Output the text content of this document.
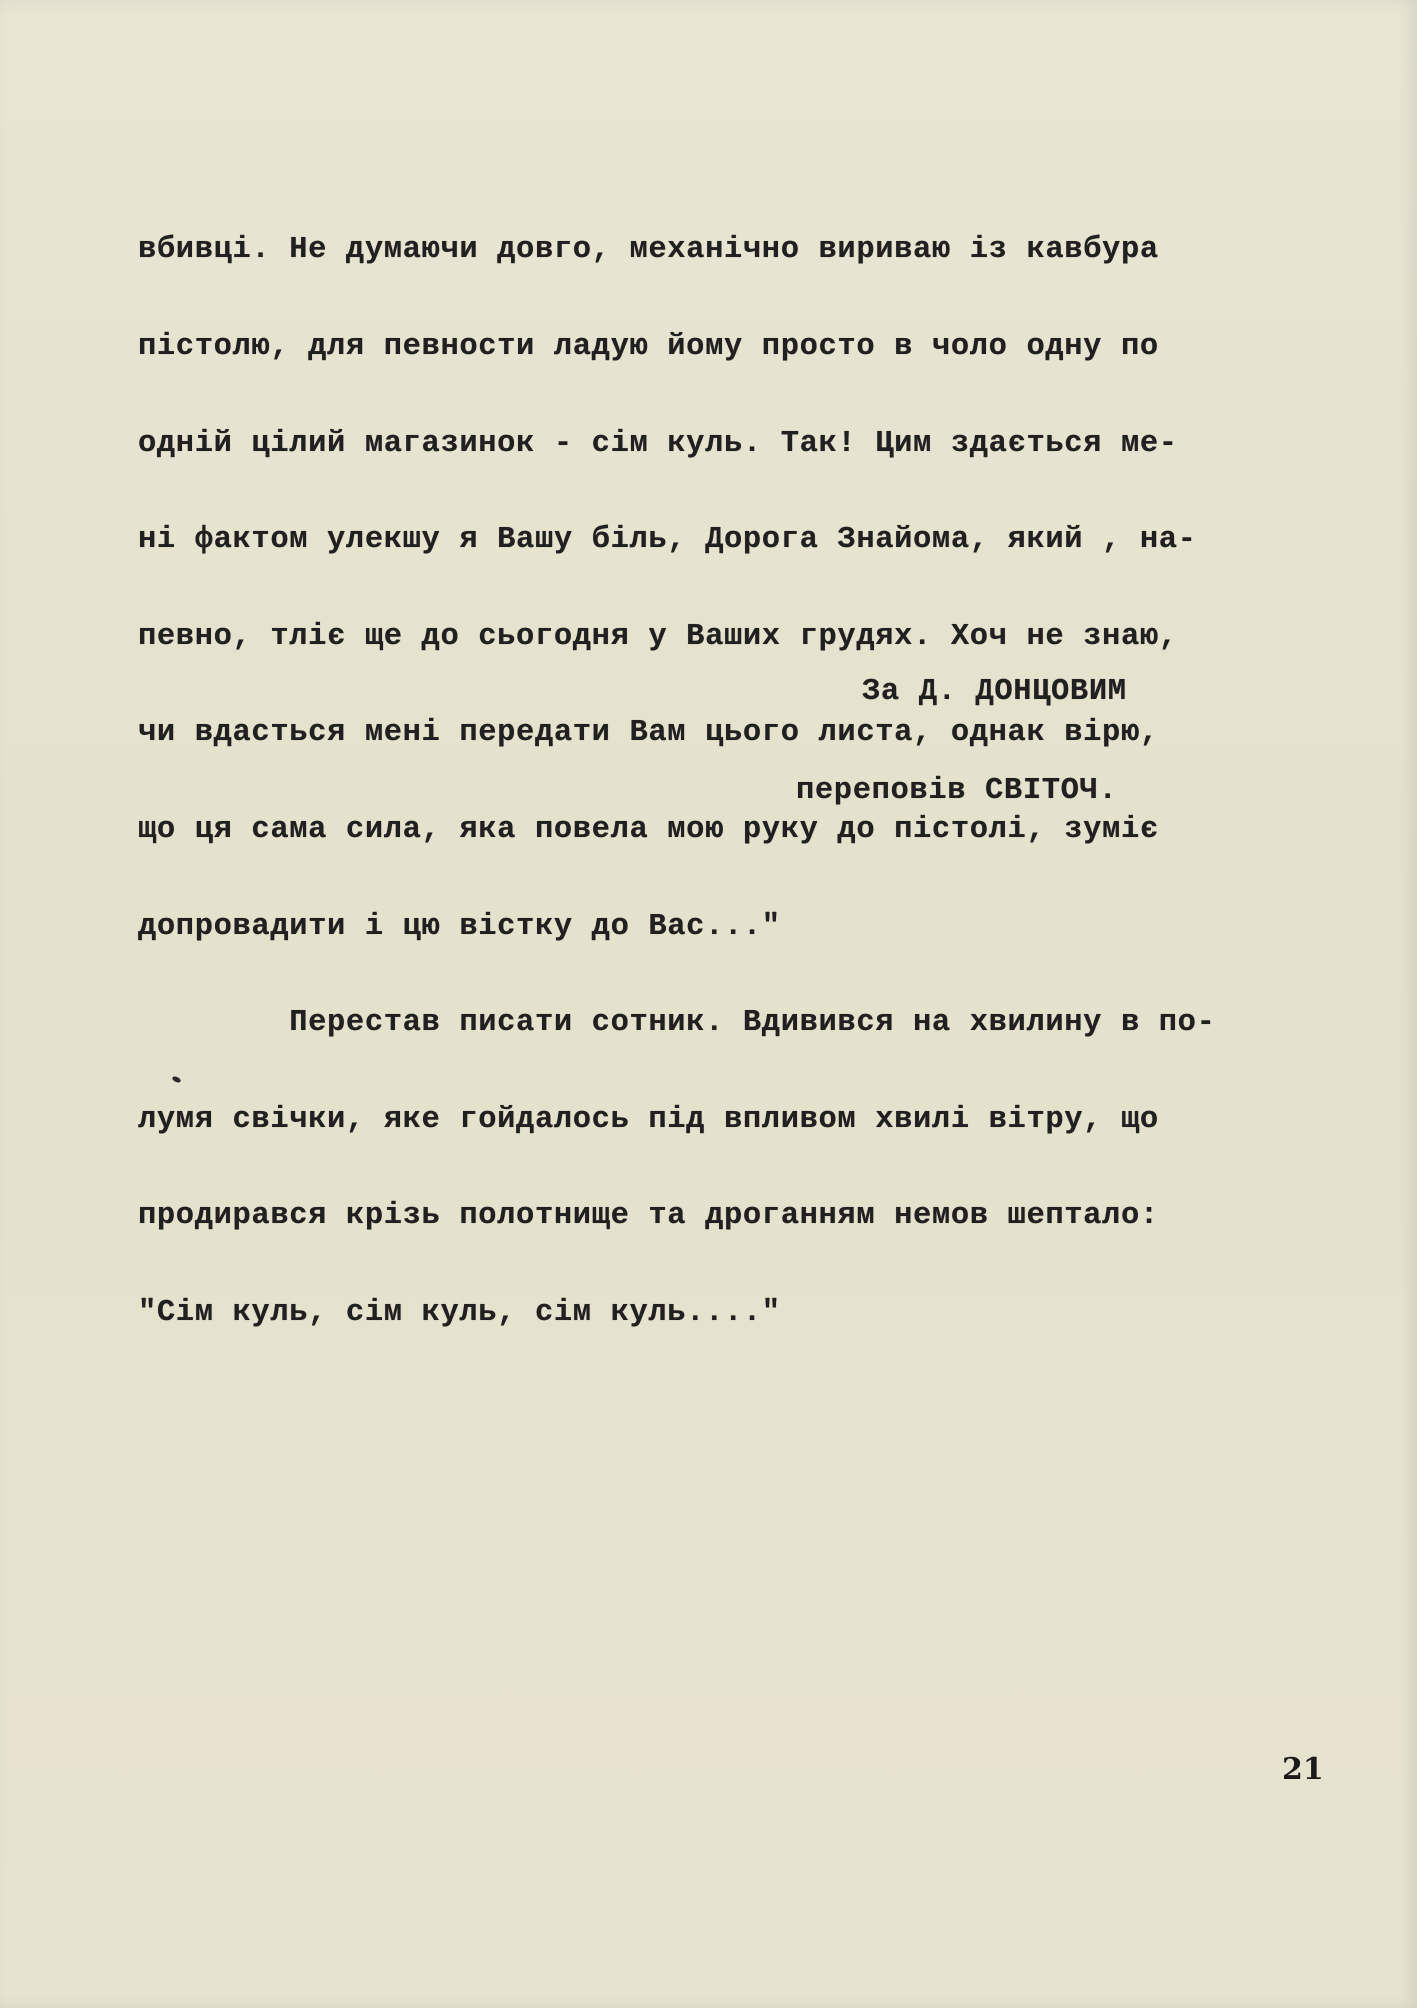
вбивці. Не думаючи довго, механічно вириваю із кавбура

пістолю, для певности ладую йому просто в чоло одну по

одній цілий магазинок - сім куль. Так! Цим здається ме-

ні фактом улекшу я Вашу біль, Дорога Знайома, який , на-

певно, тліє ще до сьогодня у Ваших грудях. Хоч не знаю,

чи вдасться мені передати Вам цього листа, однак вірю,

що ця сама сила, яка повела мою руку до пістолі, зуміє

допровадити і цю вістку до Вас..."

Перестав писати сотник. Вдивився на хвилину в по-

лумя свічки, яке гойдалось під впливом хвилі вітру, що

продирався крізь полотнище та дроганням немов шептало:

"Сім куль, сім куль, сім куль...."

За Д. ДОНЦОВИМ

переповів СВІТОЧ.

21
